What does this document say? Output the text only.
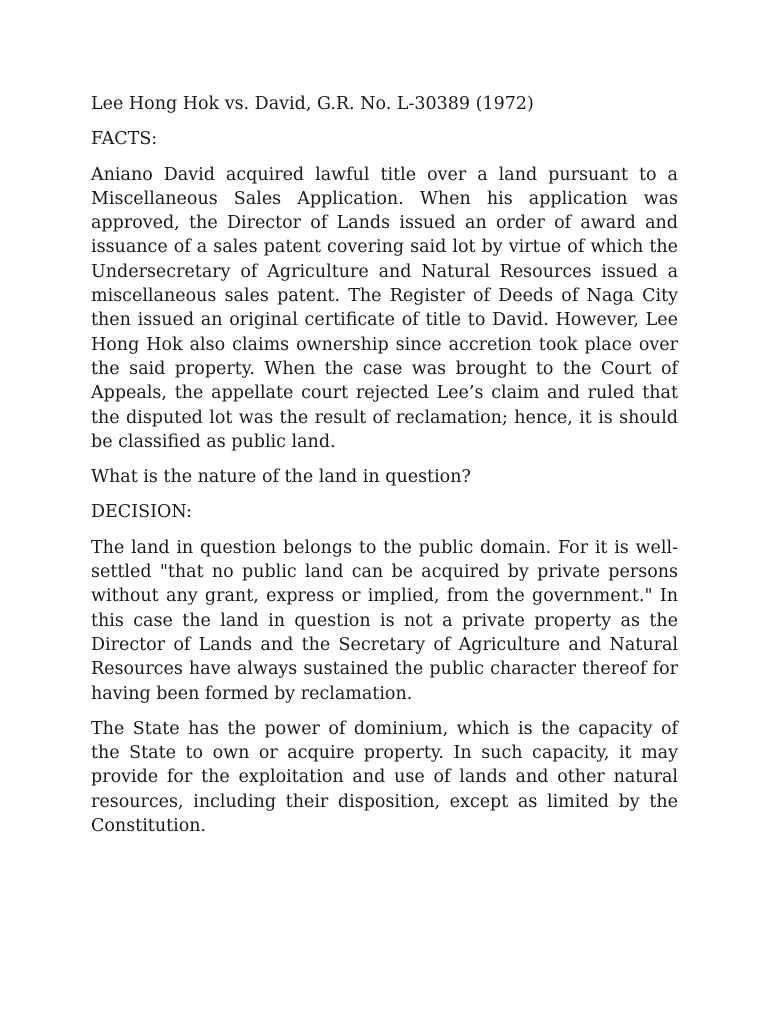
Lee Hong Hok vs. David, G.R. No. L-30389 (1972)

FACTS:

Aniano David acquired lawful title over a land pursuant to a Miscellaneous Sales Application. When his application was approved, the Director of Lands issued an order of award and issuance of a sales patent covering said lot by virtue of which the Undersecretary of Agriculture and Natural Resources issued a miscellaneous sales patent. The Register of Deeds of Naga City then issued an original certificate of title to David. However, Lee Hong Hok also claims ownership since accretion took place over the said property. When the case was brought to the Court of Appeals, the appellate court rejected Lee’s claim and ruled that the disputed lot was the result of reclamation; hence, it is should be classified as public land.

What is the nature of the land in question?

DECISION:

The land in question belongs to the public domain. For it is well-settled "that no public land can be acquired by private persons without any grant, express or implied, from the government." In this case the land in question is not a private property as the Director of Lands and the Secretary of Agriculture and Natural Resources have always sustained the public character thereof for having been formed by reclamation.

The State has the power of dominium, which is the capacity of the State to own or acquire property. In such capacity, it may provide for the exploitation and use of lands and other natural resources, including their disposition, except as limited by the Constitution.
